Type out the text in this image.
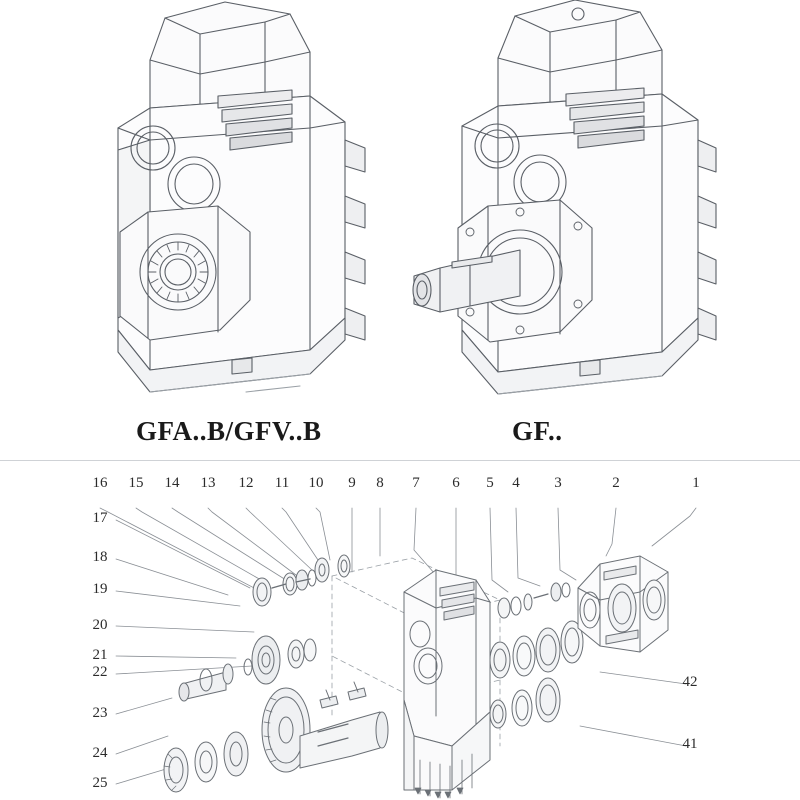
GFA..B/GFV..B	GF..
16 15 14 13 12 11 10	9	8	7	6	5	4	3	2	1
17
18
19
20
21
22
23
24
25
42
41
